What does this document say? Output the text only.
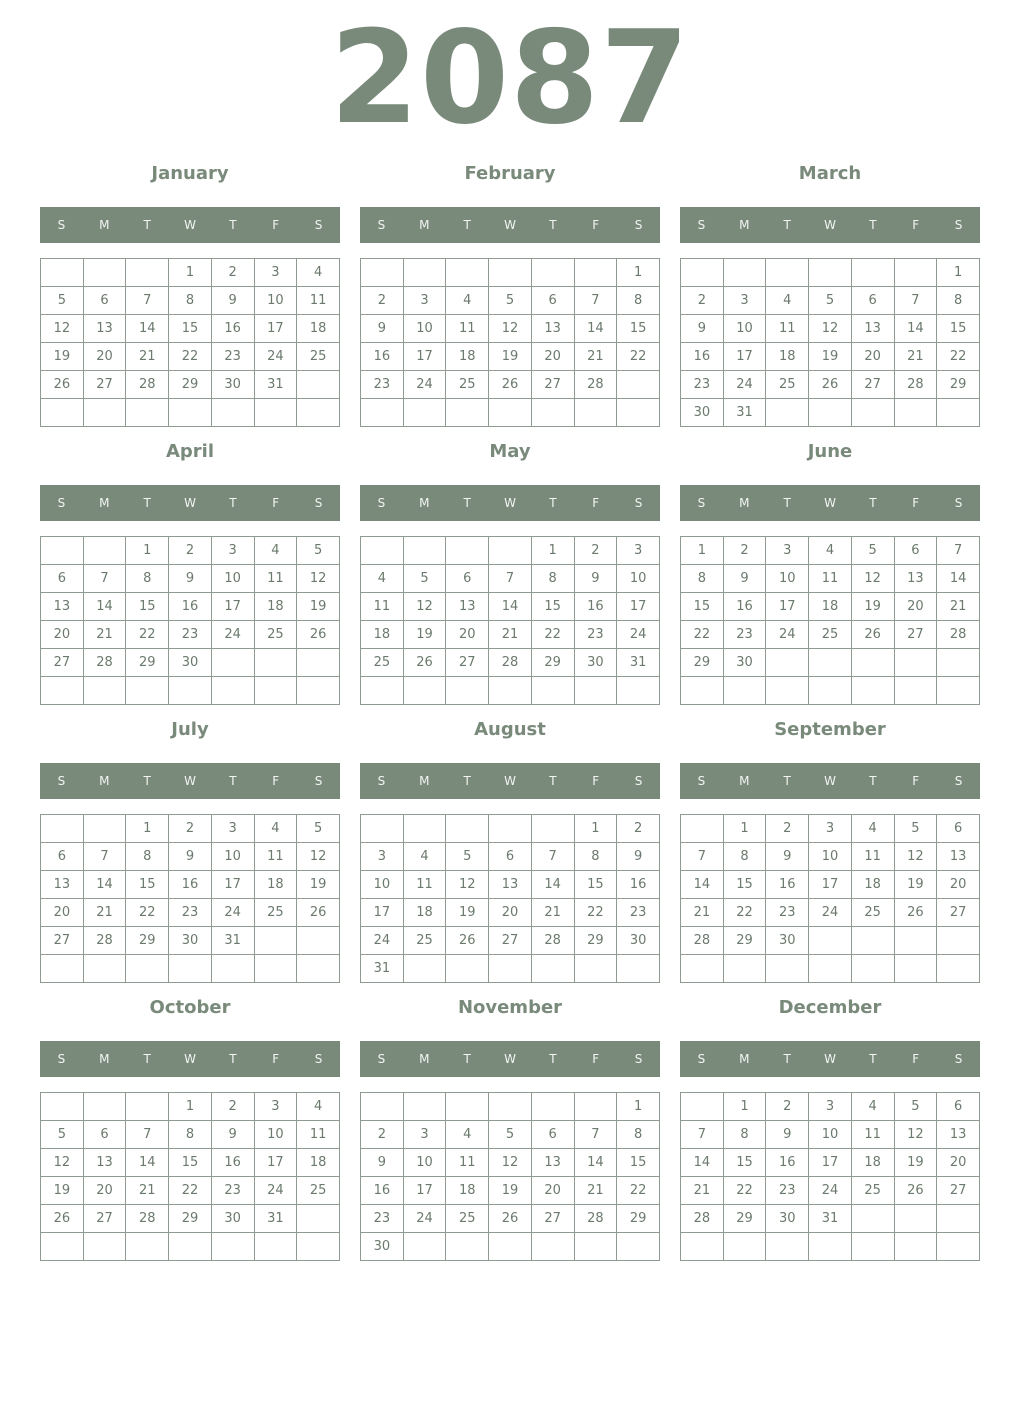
2087
January
S	M	T	W	T	F	S
			1	2	3	4
5	6	7	8	9	10	11
12	13	14	15	16	17	18
19	20	21	22	23	24	25
26	27	28	29	30	31	

February
S	M	T	W	T	F	S
						1
2	3	4	5	6	7	8
9	10	11	12	13	14	15
16	17	18	19	20	21	22
23	24	25	26	27	28	

March
S	M	T	W	T	F	S
						1
2	3	4	5	6	7	8
9	10	11	12	13	14	15
16	17	18	19	20	21	22
23	24	25	26	27	28	29
30	31					
April
S	M	T	W	T	F	S
		1	2	3	4	5
6	7	8	9	10	11	12
13	14	15	16	17	18	19
20	21	22	23	24	25	26
27	28	29	30			

May
S	M	T	W	T	F	S
				1	2	3
4	5	6	7	8	9	10
11	12	13	14	15	16	17
18	19	20	21	22	23	24
25	26	27	28	29	30	31

June
S	M	T	W	T	F	S
1	2	3	4	5	6	7
8	9	10	11	12	13	14
15	16	17	18	19	20	21
22	23	24	25	26	27	28
29	30					

July
S	M	T	W	T	F	S
		1	2	3	4	5
6	7	8	9	10	11	12
13	14	15	16	17	18	19
20	21	22	23	24	25	26
27	28	29	30	31		

August
S	M	T	W	T	F	S
					1	2
3	4	5	6	7	8	9
10	11	12	13	14	15	16
17	18	19	20	21	22	23
24	25	26	27	28	29	30
31						
September
S	M	T	W	T	F	S
	1	2	3	4	5	6
7	8	9	10	11	12	13
14	15	16	17	18	19	20
21	22	23	24	25	26	27
28	29	30				

October
S	M	T	W	T	F	S
			1	2	3	4
5	6	7	8	9	10	11
12	13	14	15	16	17	18
19	20	21	22	23	24	25
26	27	28	29	30	31	

November
S	M	T	W	T	F	S
						1
2	3	4	5	6	7	8
9	10	11	12	13	14	15
16	17	18	19	20	21	22
23	24	25	26	27	28	29
30						
December
S	M	T	W	T	F	S
	1	2	3	4	5	6
7	8	9	10	11	12	13
14	15	16	17	18	19	20
21	22	23	24	25	26	27
28	29	30	31			
